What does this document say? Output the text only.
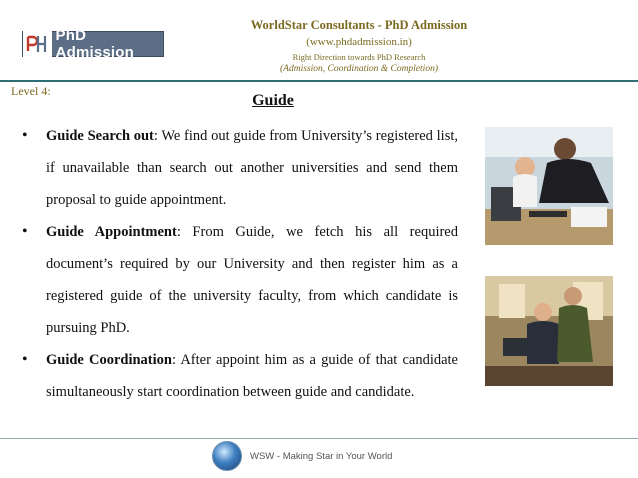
WorldStar Consultants - PhD Admission
(www.phdadmission.in)
Right Direction towards PhD Research
(Admission, Coordination & Completion)
PhD Admission
Level 4:
Guide
•	Guide Search out: We find out guide from University’s registered list, if unavailable than search out another universities and send them proposal to guide appointment.
•	Guide Appointment: From Guide, we fetch his all required document’s required by our University and then register him as a registered guide of the university faculty, from which candidate is pursuing PhD.
•	Guide Coordination: After appoint him as a guide of that candidate simultaneously start coordination between guide and candidate.
WSW - Making Star in Your World
